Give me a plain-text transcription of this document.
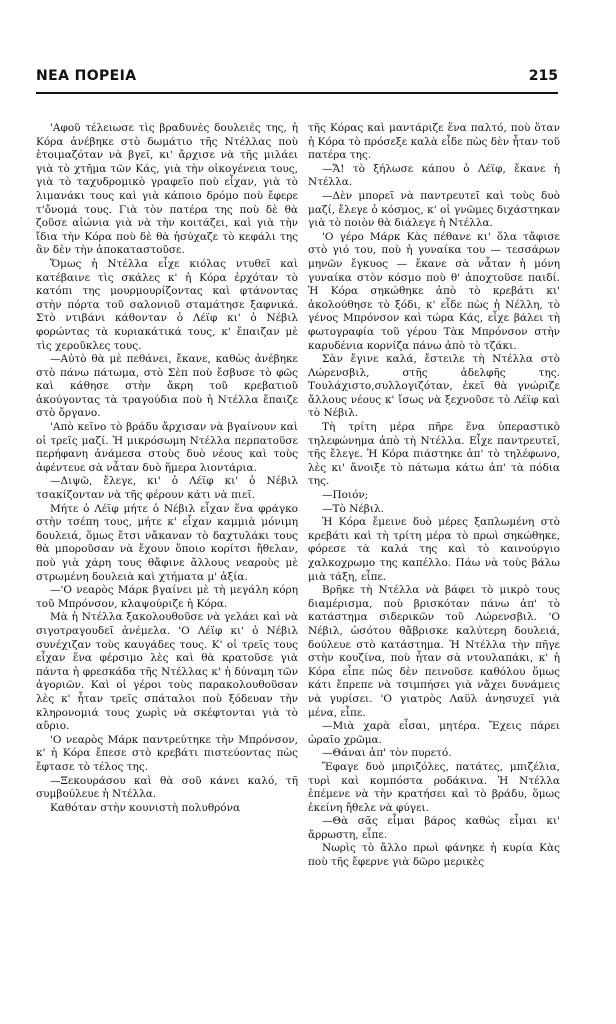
ΝΕΑ ΠΟΡΕΙΑ	215

'Αφοῦ τέλειωσε τὶς βραδυνὲς δουλειές της, ἡ Κόρα ἀνέβηκε στὸ δωμάτιο τῆς Ντέλλας ποὺ ἑτοιμαζόταν νὰ βγεῖ, κι' ἄρχισε νὰ τῆς μιλάει γιὰ τὸ χτῆμα τῶν Κάς, γιὰ τὴν οἰκογένεια τους, γιὰ τὸ ταχυδρομικὸ γραφεῖο ποὺ εἶχαν, γιὰ τὸ λιμανάκι τους καὶ γιὰ κάποιο δρόμο ποὺ ἔφερε τ'ὄνομά τους. Γιὰ τὸν πατέρα της ποὺ δὲ θὰ ζοῦσε αἰώνια γιὰ νὰ τὴν κοιτάζει, καὶ γιὰ τὴν ἴδια τὴν Κόρα ποὺ δὲ θὰ ἡσύχαζε τὸ κεφάλι της ἂν δὲν τὴν ἀποκαταστοῦσε.

Ὅμως ἡ Ντέλλα εἶχε κιόλας ντυθεῖ καὶ κατέβαινε τὶς σκάλες κ' ἡ Κόρα ἐρχόταν τὸ κατόπι της μουρμουρίζοντας καὶ φτάνοντας στὴν πόρτα τοῦ σαλονιοῦ σταμάτησε ξαφνικά. Στὸ ντιβάνι κάθονταν ὁ Λέϊφ κι' ὁ Νέβιλ φορώντας τὰ κυριακάτικά τους, κ' ἔπαιζαν μὲ τὶς χεροῦκλες τους.

—Αὐτὸ θὰ μὲ πεθάνει, ἔκανε, καθὼς ἀνέβηκε στὸ πάνω πάτωμα, στὸ Σὲπ ποὺ ἔσβυσε τὸ φῶς καὶ κάθησε στὴν ἄκρη τοῦ κρεβατιοῦ ἀκούγοντας τὰ τραγούδια ποὺ ἡ Ντέλλα ἔπαιζε στὸ ὄργανο.

'Απὸ κεῖνο τὸ βράδυ ἄρχισαν νὰ βγαίνουν καὶ οἱ τρεῖς μαζί. Ἡ μικρόσωμη Ντέλλα περπατοῦσε περήφανη ἀνάμεσα στοὺς δυὸ νέους καὶ τοὺς ἀφέντευε σὰ νἆταν δυὸ ἥμερα λιοντάρια.

—Διψῶ, ἔλεγε, κι' ὁ Λέϊφ κι' ὁ Νέβιλ τσακίζονταν νὰ τῆς φέρουν κάτι νὰ πιεῖ.

Μήτε ὁ Λέϊφ μήτε ὁ Νέβιλ εἶχαν ἕνα φράγκο στὴν τσέπη τους, μήτε κ' εἶχαν καμμιὰ μόνιμη δουλειά, ὅμως ἔτσι νἄκαναν τὸ δαχτυλάκι τους θὰ μποροῦσαν νὰ ἔχουν ὅποιο κορίτσι ἤθελαν, ποὺ γιὰ χάρη τους θἄφινε ἄλλους νεαροὺς μὲ στρωμένη δουλειὰ καὶ χτήματα μ' ἀξία.

—'Ο νεαρὸς Μάρκ βγαίνει μὲ τὴ μεγάλη κόρη τοῦ Μπρόνσον, κλαψούριζε ἡ Κόρα.

Μὰ ἡ Ντέλλα ξακολουθοῦσε νὰ γελάει καὶ νὰ σιγοτραγουδεῖ ἀνέμελα. 'Ο Λέϊφ κι' ὁ Νέβιλ συνέχιζαν τοὺς καυγάδες τους. Κ' οἱ τρεῖς τους εἶχαν ἕνα φέρσιμο λὲς καὶ θὰ κρατοῦσε γιὰ πάντα ἡ φρεσκάδα τῆς Ντέλλας κ' ἡ δύναμη τῶν ἀγοριῶν. Καὶ οἱ γέροι τοὺς παρακολουθοῦσαν λὲς κ' ἦταν τρεῖς σπάταλοι ποὺ ξόδευαν τὴν κληρονομιά τους χωρὶς νὰ σκέφτονται γιὰ τὸ αὔριο.

'Ο νεαρὸς Μάρκ παντρεύτηκε τὴν Μπρόνσον, κ' ἡ Κόρα ἔπεσε στὸ κρεβάτι πιστεύοντας πὼς ἔφτασε τὸ τέλος της.

—Ξεκουράσου καὶ θὰ σοῦ κάνει καλό, τῆ συμβούλευε ἡ Ντέλλα.

Καθόταν στὴν κουνιστὴ πολυθρόνα

τῆς Κόρας καὶ μαντάριζε ἕνα παλτό, ποὺ ὅταν ἡ Κόρα τὸ πρόσεξε καλὰ εἶδε πὼς δὲν ἦταν τοῦ πατέρα της.

—Ἄ! τὸ ξήλωσε κάπου ὁ Λέϊφ, ἔκανε ἡ Ντέλλα.

—Δὲν μπορεῖ νὰ παντρευτεῖ καὶ τοὺς δυὸ μαζί, ἔλεγε ὁ κόσμος, κ' οἱ γνῶμες διχάστηκαν γιὰ τὸ ποιὸν θὰ διάλεγε ἡ Ντέλλα.

'Ο γέρο Μάρκ Κὰς πέθανε κι' ὅλα τἄφισε στὸ γιό του, ποὺ ἡ γυναίκα του — τεσσάρων μηνῶν ἔγκυος — ἔκανε σὰ νἆταν ἡ μόνη γυναίκα στὸν κόσμο ποὺ θ' ἀποχτοῦσε παιδί. Ἡ Κόρα σηκώθηκε ἀπὸ τὸ κρεβάτι κι' ἀκολούθησε τὸ ξόδι, κ' εἶδε πὼς ἡ Νέλλη, τὸ γένος Μπρόνσον καὶ τώρα Κάς, εἶχε βάλει τὴ φωτογραφία τοῦ γέρου Τὰκ Μπρόνσον στὴν καρυδένια κορνίζα πάνω ἀπὸ τὸ τζάκι.

Σὰν ἔγινε καλά, ἔστειλε τὴ Ντέλλα στὸ Λώρενσβιλ, στῆς ἀδελφῆς της. Τουλάχιστο,συλλογιζόταν, ἐκεῖ θὰ γνώριζε ἄλλους νέους κ' ἴσως νὰ ξεχνοῦσε τὸ Λέϊφ καὶ τὸ Νέβιλ.

Τὴ τρίτη μέρα πῆρε ἕνα ὑπεραστικὸ τηλεφώνημα ἀπὸ τὴ Ντέλλα. Εἶχε παντρευτεῖ, τῆς ἔλεγε. Ἡ Κόρα πιάστηκε ἀπ' τὸ τηλέφωνο, λὲς κι' ἄνοιξε τὸ πάτωμα κάτω ἀπ' τὰ πόδια της.

—Ποιόν;

—Τὸ Νέβιλ.

Ἡ Κόρα ἔμεινε δυὸ μέρες ξαπλωμένη στὸ κρεβάτι καὶ τὴ τρίτη μέρα τὸ πρωὶ σηκώθηκε, φόρεσε τὰ καλά της καὶ τὸ καινούργιο χαλκοχρωμο της καπέλλο. Πάω νὰ τοὺς βάλω μιὰ τάξη, εἶπε.

Βρῆκε τὴ Ντέλλα νὰ βάφει τὸ μικρὸ τους διαμέρισμα, ποὺ βρισκόταν πάνω ἀπ' τὸ κατάστημα σιδερικῶν τοῦ Λώρενσβιλ. 'Ο Νέβιλ, ὡσότου θἄβρισκε καλύτερη δουλειά, δούλευε στὸ κατάστημα. Ἡ Ντέλλα τὴν πῆγε στὴν κουζίνα, ποὺ ἦταν σὰ ντουλαπάκι, κ' ἡ Κόρα εἶπε πὼς δὲν πεινοῦσε καθόλου ὅμως κάτι ἔπρεπε νὰ τσιμπήσει γιὰ νἄχει δυνάμεις νὰ γυρίσει. 'Ο γιατρὸς Λαϋλ ἀνησυχεῖ γιὰ μένα, εἶπε.

—Μιὰ χαρὰ εἶσαι, μητέρα. Ἔχεις πάρει ὡραῖο χρῶμα.

—Θάναι ἀπ' τὸν πυρετό.

Ἔφαγε δυὸ μπριζόλες, πατάτες, μπιζέλια, τυρὶ καὶ κομπόστα ροδάκινα. Ἡ Ντέλλα ἐπέμενε νὰ τὴν κρατήσει καὶ τὸ βράδυ, ὅμως ἐκείνη ἤθελε νὰ φύγει.

—Θὰ σᾶς εἶμαι βάρος καθὼς εἶμαι κι' ἄρρωστη, εἶπε.

Νωρὶς τὸ ἄλλο πρωὶ φάνηκε ἡ κυρία Κὰς ποὺ τῆς ἔφερνε γιὰ δῶρο μερικὲς
